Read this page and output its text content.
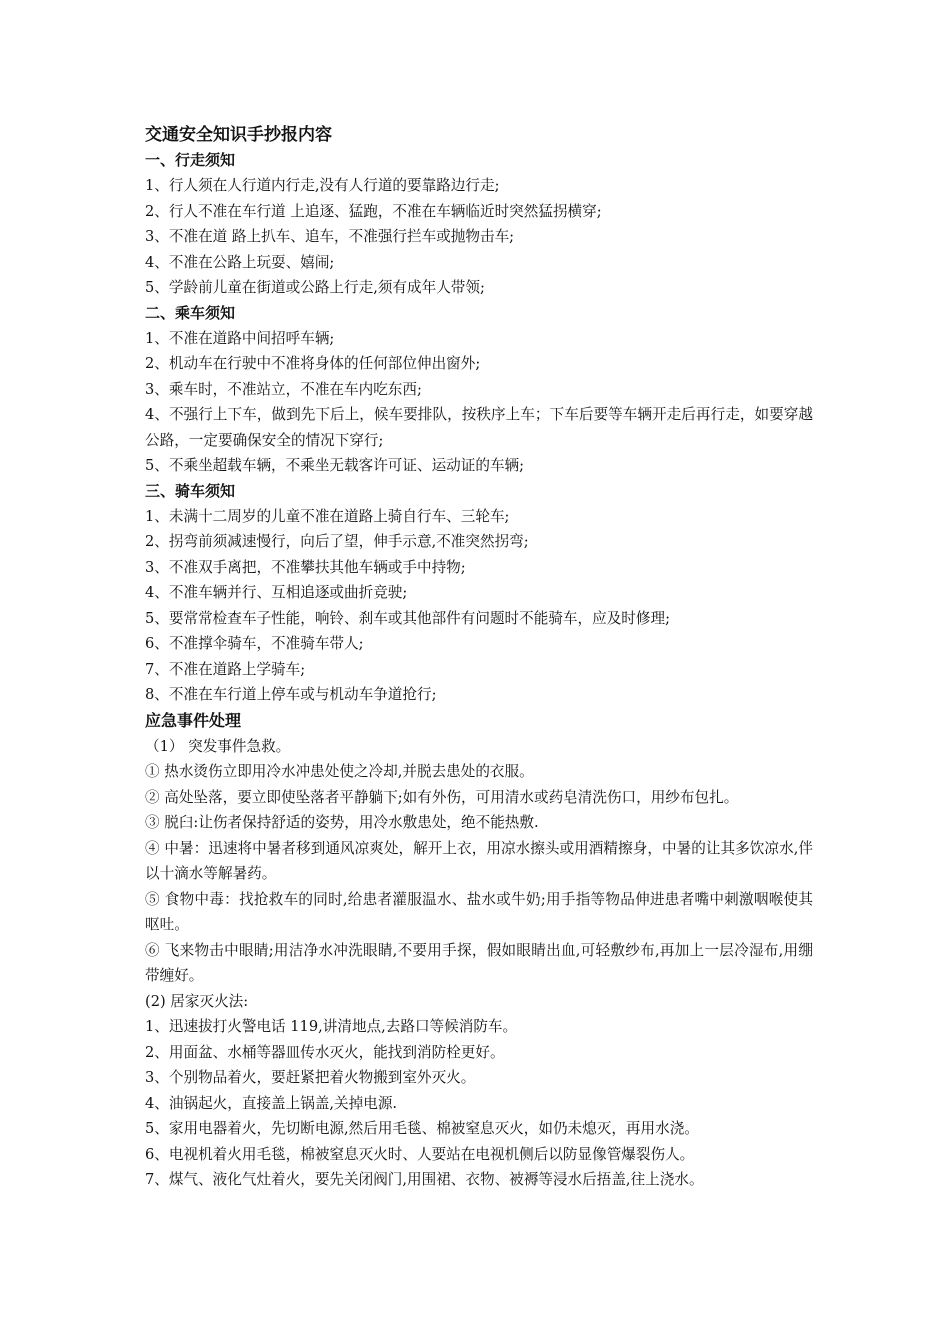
交通安全知识手抄报内容
一、行走须知

1、行人须在人行道内行走,没有人行道的要靠路边行走;

2、行人不准在车行道 上追逐、猛跑，不准在车辆临近时突然猛拐横穿;

3、不准在道 路上扒车、追车，不准强行拦车或抛物击车;

4、不准在公路上玩耍、嬉闹;

5、学龄前儿童在街道或公路上行走,须有成年人带领;

二、乘车须知

1、不准在道路中间招呼车辆;

2、机动车在行驶中不准将身体的任何部位伸出窗外;

3、乘车时，不准站立，不准在车内吃东西;

4、不强行上下车，做到先下后上，候车要排队，按秩序上车；下车后要等车辆开走后再行走，如要穿越公路，一定要确保安全的情况下穿行;

5、不乘坐超载车辆，不乘坐无载客许可证、运动证的车辆;

三、骑车须知

1、未满十二周岁的儿童不准在道路上骑自行车、三轮车;

2、拐弯前须减速慢行，向后了望，伸手示意,不准突然拐弯;

3、不准双手离把，不准攀扶其他车辆或手中持物;

4、不准车辆并行、互相追逐或曲折竞驶;

5、要常常检查车子性能，响铃、刹车或其他部件有问题时不能骑车，应及时修理;

6、不准撑伞骑车，不准骑车带人;

7、不准在道路上学骑车;

8、不准在车行道上停车或与机动车争道抢行;

应急事件处理

（1） 突发事件急救。

① 热水烫伤立即用冷水冲患处使之冷却,并脱去患处的衣服。

② 高处坠落，要立即使坠落者平静躺下;如有外伤，可用清水或药皂清洗伤口，用纱布包扎。

③ 脱臼:让伤者保持舒适的姿势，用冷水敷患处，绝不能热敷.

④ 中暑：迅速将中暑者移到通风凉爽处，解开上衣，用凉水擦头或用酒精擦身，中暑的让其多饮凉水,伴以十滴水等解暑药。

⑤ 食物中毒：找抢救车的同时,给患者灌服温水、盐水或牛奶;用手指等物品伸进患者嘴中刺激咽喉使其呕吐。

⑥ 飞来物击中眼睛;用洁净水冲洗眼睛,不要用手探，假如眼睛出血,可轻敷纱布,再加上一层冷湿布,用绷带缠好。

(2) 居家灭火法:

1、迅速拔打火警电话 119,讲清地点,去路口等候消防车。

2、用面盆、水桶等器皿传水灭火，能找到消防栓更好。

3、个别物品着火，要赶紧把着火物搬到室外灭火。

4、油锅起火，直接盖上锅盖,关掉电源.

5、家用电器着火，先切断电源,然后用毛毯、棉被窒息灭火，如仍未熄灭，再用水浇。

6、电视机着火用毛毯，棉被窒息灭火时、人要站在电视机侧后以防显像管爆裂伤人。

7、煤气、液化气灶着火，要先关闭阀门,用围裙、衣物、被褥等浸水后捂盖,往上浇水。
